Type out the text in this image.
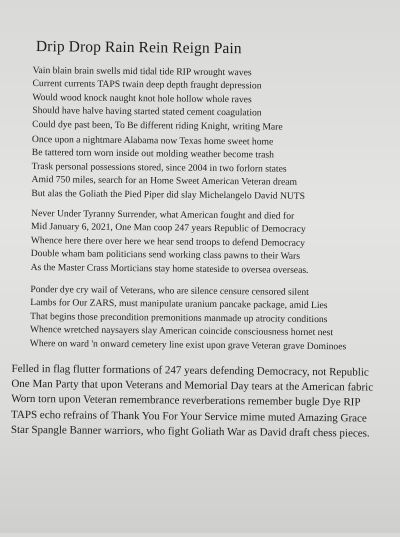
Drip Drop Rain Rein Reign Pain
Vain blain brain swells mid tidal tide RIP wrought waves
Current currents TAPS twain deep depth fraught depression
Would wood knock naught knot hole hollow whole raves
Should have halve having started stated cement coagulation
Could dye past been, To Be different riding Knight, writing Mare
Once upon a nightmare Alabama now Texas home sweet home
Be tattered torn worn inside out molding weather become trash
Trask personal possessions stored, since 2004 in two forlorn states
Amid 750 miles, search for an Home Sweet American Veteran dream
But alas the Goliath the Pied Piper did slay Michelangelo David NUTS
Never Under Tyranny Surrender, what American fought and died for
Mid January 6, 2021, One Man coop 247 years Republic of Democracy
Whence here there over here we hear send troops to defend Democracy
Double wham bam politicians send working class pawns to their Wars
As the Master Crass Morticians stay home stateside to oversea overseas.
Ponder dye cry wail of Veterans, who are silence censure censored silent
Lambs for Our ZARS, must manipulate uranium pancake package, amid Lies
That begins those precondition premonitions manmade up atrocity conditions
Whence wretched naysayers slay American coincide consciousness hornet nest
Where on ward 'n onward cemetery line exist upon grave Veteran grave Dominoes
Felled in flag flutter formations of 247 years defending Democracy, not Republic
One Man Party that upon Veterans and Memorial Day tears at the American fabric
Worn torn upon Veteran remembrance reverberations remember bugle Dye RIP
TAPS echo refrains of Thank You For Your Service mime muted Amazing Grace
Star Spangle Banner warriors, who fight Goliath War as David draft chess pieces.
